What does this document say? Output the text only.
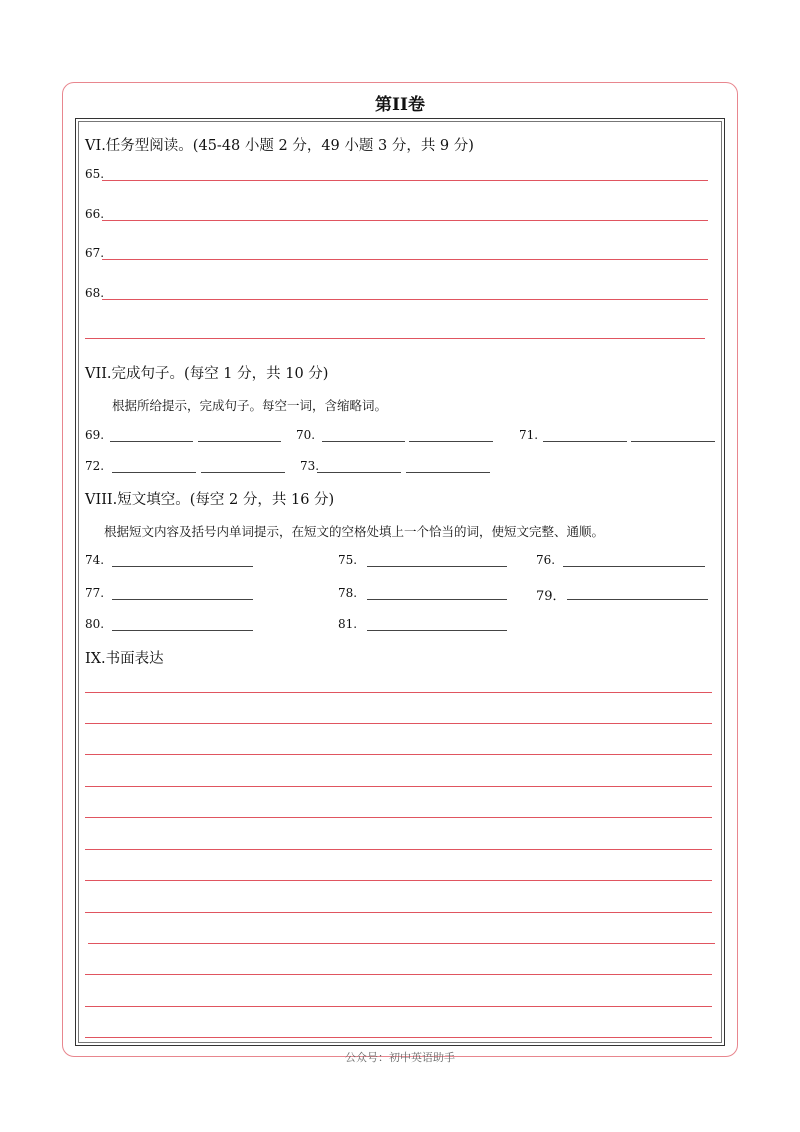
第II卷
VI.任务型阅读。(45-48 小题 2 分，49 小题 3 分，共 9 分)
65.
66.
67.
68.
VII.完成句子。(每空 1 分，共 10 分)
根据所给提示，完成句子。每空一词，含缩略词。
69.	70.	71.
72.	73.
VIII.短文填空。(每空 2 分，共 16 分)
根据短文内容及括号内单词提示，在短文的空格处填上一个恰当的词，使短文完整、通顺。
74.	75.	76.
77.	78.	79．
80.	81.
IX.书面表达
公众号：初中英语助手
